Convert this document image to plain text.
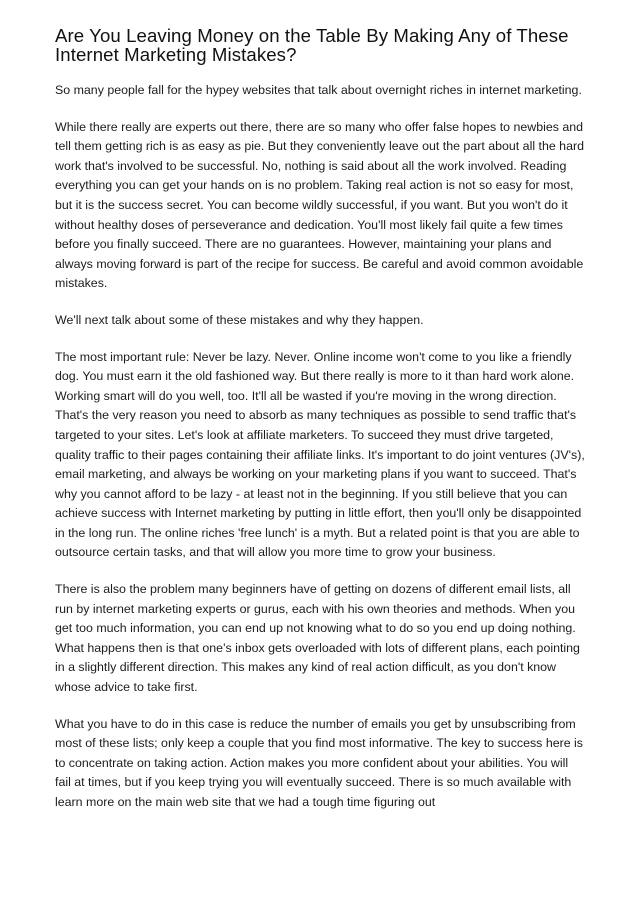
Are You Leaving Money on the Table By Making Any of These Internet Marketing Mistakes?

So many people fall for the hypey websites that talk about overnight riches in internet marketing.

While there really are experts out there, there are so many who offer false hopes to newbies and tell them getting rich is as easy as pie. But they conveniently leave out the part about all the hard work that's involved to be successful. No, nothing is said about all the work involved. Reading everything you can get your hands on is no problem. Taking real action is not so easy for most, but it is the success secret. You can become wildly successful, if you want. But you won't do it without healthy doses of perseverance and dedication. You'll most likely fail quite a few times before you finally succeed. There are no guarantees. However, maintaining your plans and always moving forward is part of the recipe for success. Be careful and avoid common avoidable mistakes.

We'll next talk about some of these mistakes and why they happen.

The most important rule: Never be lazy. Never. Online income won't come to you like a friendly dog. You must earn it the old fashioned way. But there really is more to it than hard work alone. Working smart will do you well, too. It'll all be wasted if you're moving in the wrong direction. That's the very reason you need to absorb as many techniques as possible to send traffic that's targeted to your sites. Let's look at affiliate marketers. To succeed they must drive targeted, quality traffic to their pages containing their affiliate links. It's important to do joint ventures (JV's), email marketing, and always be working on your marketing plans if you want to succeed. That's why you cannot afford to be lazy - at least not in the beginning. If you still believe that you can achieve success with Internet marketing by putting in little effort, then you'll only be disappointed in the long run. The online riches 'free lunch' is a myth. But a related point is that you are able to outsource certain tasks, and that will allow you more time to grow your business.

There is also the problem many beginners have of getting on dozens of different email lists, all run by internet marketing experts or gurus, each with his own theories and methods. When you get too much information, you can end up not knowing what to do so you end up doing nothing. What happens then is that one's inbox gets overloaded with lots of different plans, each pointing in a slightly different direction. This makes any kind of real action difficult, as you don't know whose advice to take first.

What you have to do in this case is reduce the number of emails you get by unsubscribing from most of these lists; only keep a couple that you find most informative. The key to success here is to concentrate on taking action. Action makes you more confident about your abilities. You will fail at times, but if you keep trying you will eventually succeed. There is so much available with learn more on the main web site that we had a tough time figuring out
